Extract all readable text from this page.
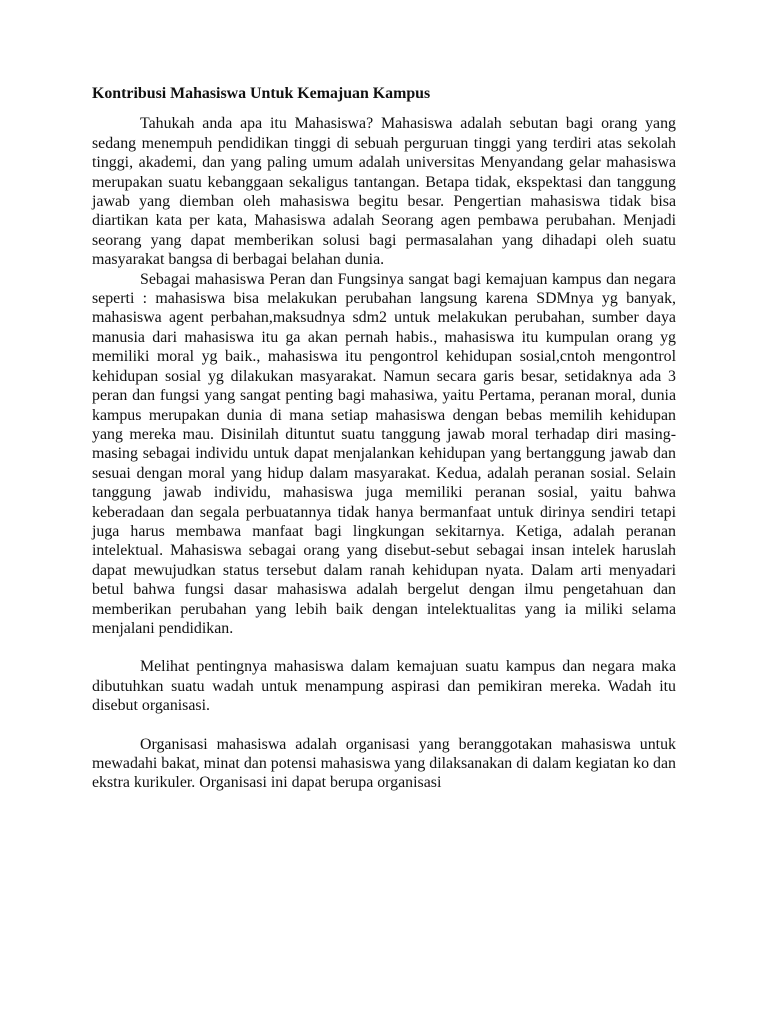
Kontribusi Mahasiswa Untuk Kemajuan Kampus

Tahukah anda apa itu Mahasiswa? Mahasiswa adalah sebutan bagi orang yang sedang menempuh pendidikan tinggi di sebuah perguruan tinggi yang terdiri atas sekolah tinggi, akademi, dan yang paling umum adalah universitas Menyandang gelar mahasiswa merupakan suatu kebanggaan sekaligus tantangan. Betapa tidak, ekspektasi dan tanggung jawab yang diemban oleh mahasiswa begitu besar. Pengertian mahasiswa tidak bisa diartikan kata per kata, Mahasiswa adalah Seorang agen pembawa perubahan. Menjadi seorang yang dapat memberikan solusi bagi permasalahan yang dihadapi oleh suatu masyarakat bangsa di berbagai belahan dunia.

Sebagai mahasiswa Peran dan Fungsinya sangat bagi kemajuan kampus dan negara seperti : mahasiswa bisa melakukan perubahan langsung karena SDMnya yg banyak, mahasiswa agent perbahan,maksudnya sdm2 untuk melakukan perubahan, sumber daya manusia dari mahasiswa itu ga akan pernah habis., mahasiswa itu kumpulan orang yg memiliki moral yg baik., mahasiswa itu pengontrol kehidupan sosial,cntoh mengontrol kehidupan sosial yg dilakukan masyarakat. Namun secara garis besar, setidaknya ada 3 peran dan fungsi yang sangat penting bagi mahasiwa, yaitu Pertama, peranan moral, dunia kampus merupakan dunia di mana setiap mahasiswa dengan bebas memilih kehidupan yang mereka mau. Disinilah dituntut suatu tanggung jawab moral terhadap diri masing-masing sebagai individu untuk dapat menjalankan kehidupan yang bertanggung jawab dan sesuai dengan moral yang hidup dalam masyarakat. Kedua, adalah peranan sosial. Selain tanggung jawab individu, mahasiswa juga memiliki peranan sosial, yaitu bahwa keberadaan dan segala perbuatannya tidak hanya bermanfaat untuk dirinya sendiri tetapi juga harus membawa manfaat bagi lingkungan sekitarnya. Ketiga, adalah peranan intelektual. Mahasiswa sebagai orang yang disebut-sebut sebagai insan intelek haruslah dapat mewujudkan status tersebut dalam ranah kehidupan nyata. Dalam arti menyadari betul bahwa fungsi dasar mahasiswa adalah bergelut dengan ilmu pengetahuan dan memberikan perubahan yang lebih baik dengan intelektualitas yang ia miliki selama menjalani pendidikan.

Melihat pentingnya mahasiswa dalam kemajuan suatu kampus dan negara maka dibutuhkan suatu wadah untuk menampung aspirasi dan pemikiran mereka. Wadah itu disebut organisasi.

Organisasi mahasiswa adalah organisasi yang beranggotakan mahasiswa untuk mewadahi bakat, minat dan potensi mahasiswa yang dilaksanakan di dalam kegiatan ko dan ekstra kurikuler. Organisasi ini dapat berupa organisasi
